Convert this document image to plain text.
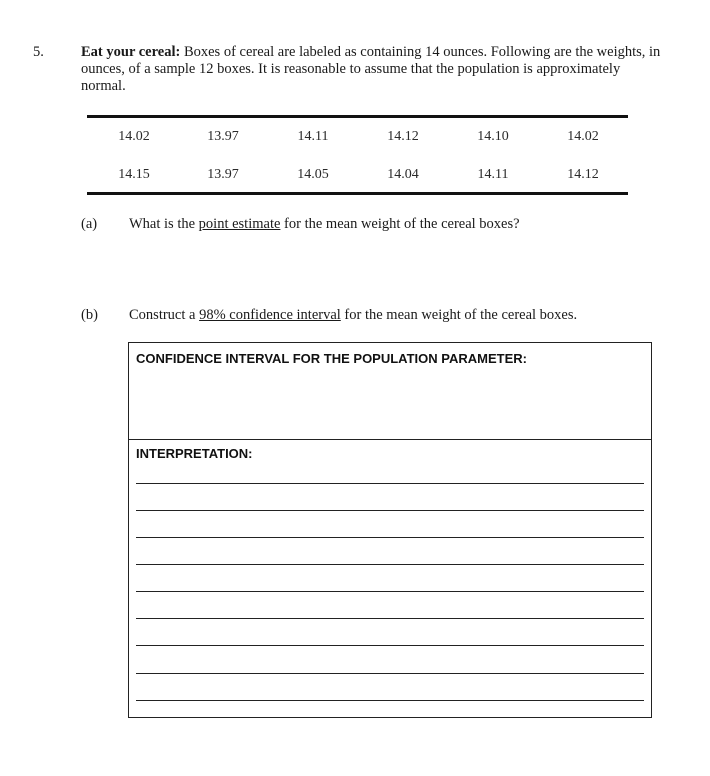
5.	Eat your cereal: Boxes of cereal are labeled as containing 14 ounces. Following are the weights, in ounces, of a sample 12 boxes. It is reasonable to assume that the population is approximately normal.
14.02	13.97	14.11	14.12	14.10	14.02
14.15	13.97	14.05	14.04	14.11	14.12
(a) What is the point estimate for the mean weight of the cereal boxes?
(b) Construct a 98% confidence interval for the mean weight of the cereal boxes.
CONFIDENCE INTERVAL FOR THE POPULATION PARAMETER:
INTERPRETATION:
